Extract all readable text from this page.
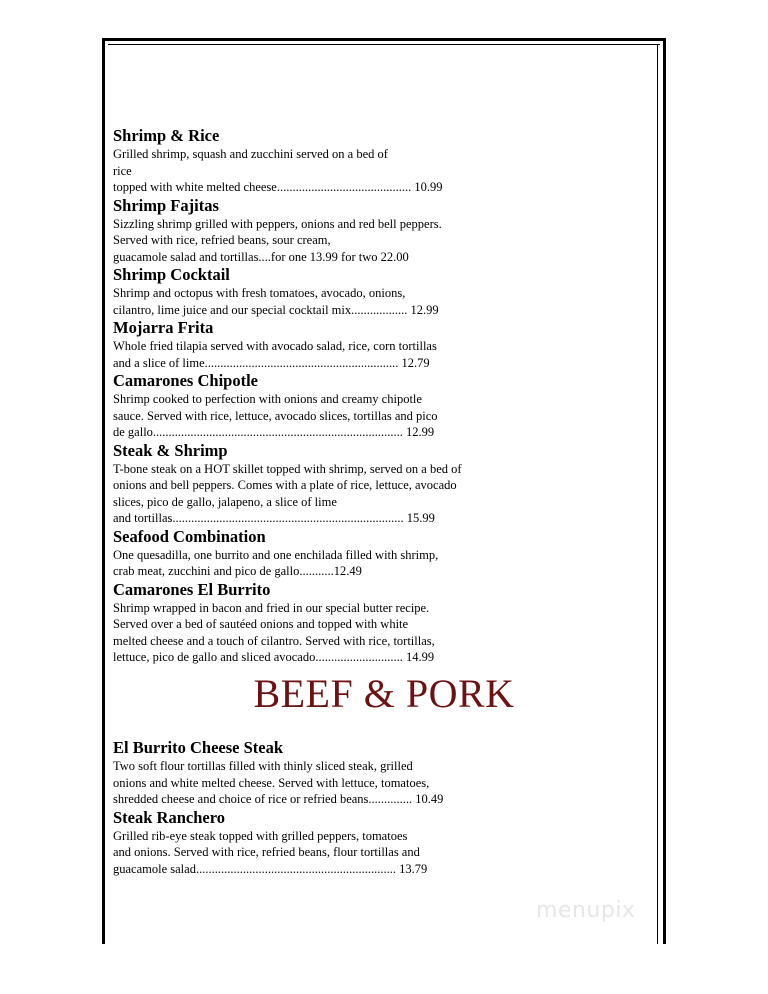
Shrimp & Rice
Grilled shrimp, squash and zucchini served on a bed of
rice
topped with white melted cheese........................................... 10.99
Shrimp Fajitas
Sizzling shrimp grilled with peppers, onions and red bell peppers.
Served with rice, refried beans, sour cream,
guacamole salad and tortillas....for one 13.99 for two 22.00
Shrimp Cocktail
Shrimp and octopus with fresh tomatoes, avocado, onions,
cilantro, lime juice and our special cocktail mix.................. 12.99
Mojarra Frita
Whole fried tilapia served with avocado salad, rice, corn tortillas
and a slice of lime.............................................................. 12.79
Camarones Chipotle
Shrimp cooked to perfection with onions and creamy chipotle
sauce. Served with rice, lettuce, avocado slices, tortillas and pico
de gallo................................................................................ 12.99
Steak & Shrimp
T-bone steak on a HOT skillet topped with shrimp, served on a bed of
onions and bell peppers. Comes with a plate of rice, lettuce, avocado
slices, pico de gallo, jalapeno, a slice of lime
and tortillas.......................................................................... 15.99
Seafood Combination
One quesadilla, one burrito and one enchilada filled with shrimp,
crab meat, zucchini and pico de gallo...........12.49
Camarones El Burrito
Shrimp wrapped in bacon and fried in our special butter recipe.
Served over a bed of sautéed onions and topped with white
melted cheese and a touch of cilantro. Served with rice, tortillas,
lettuce, pico de gallo and sliced avocado............................ 14.99
BEEF & PORK
El Burrito Cheese Steak
Two soft flour tortillas filled with thinly sliced steak, grilled
onions and white melted cheese. Served with lettuce, tomatoes,
shredded cheese and choice of rice or refried beans.............. 10.49
Steak Ranchero
Grilled rib-eye steak topped with grilled peppers, tomatoes
and onions. Served with rice, refried beans, flour tortillas and
guacamole salad................................................................ 13.79
menupix
